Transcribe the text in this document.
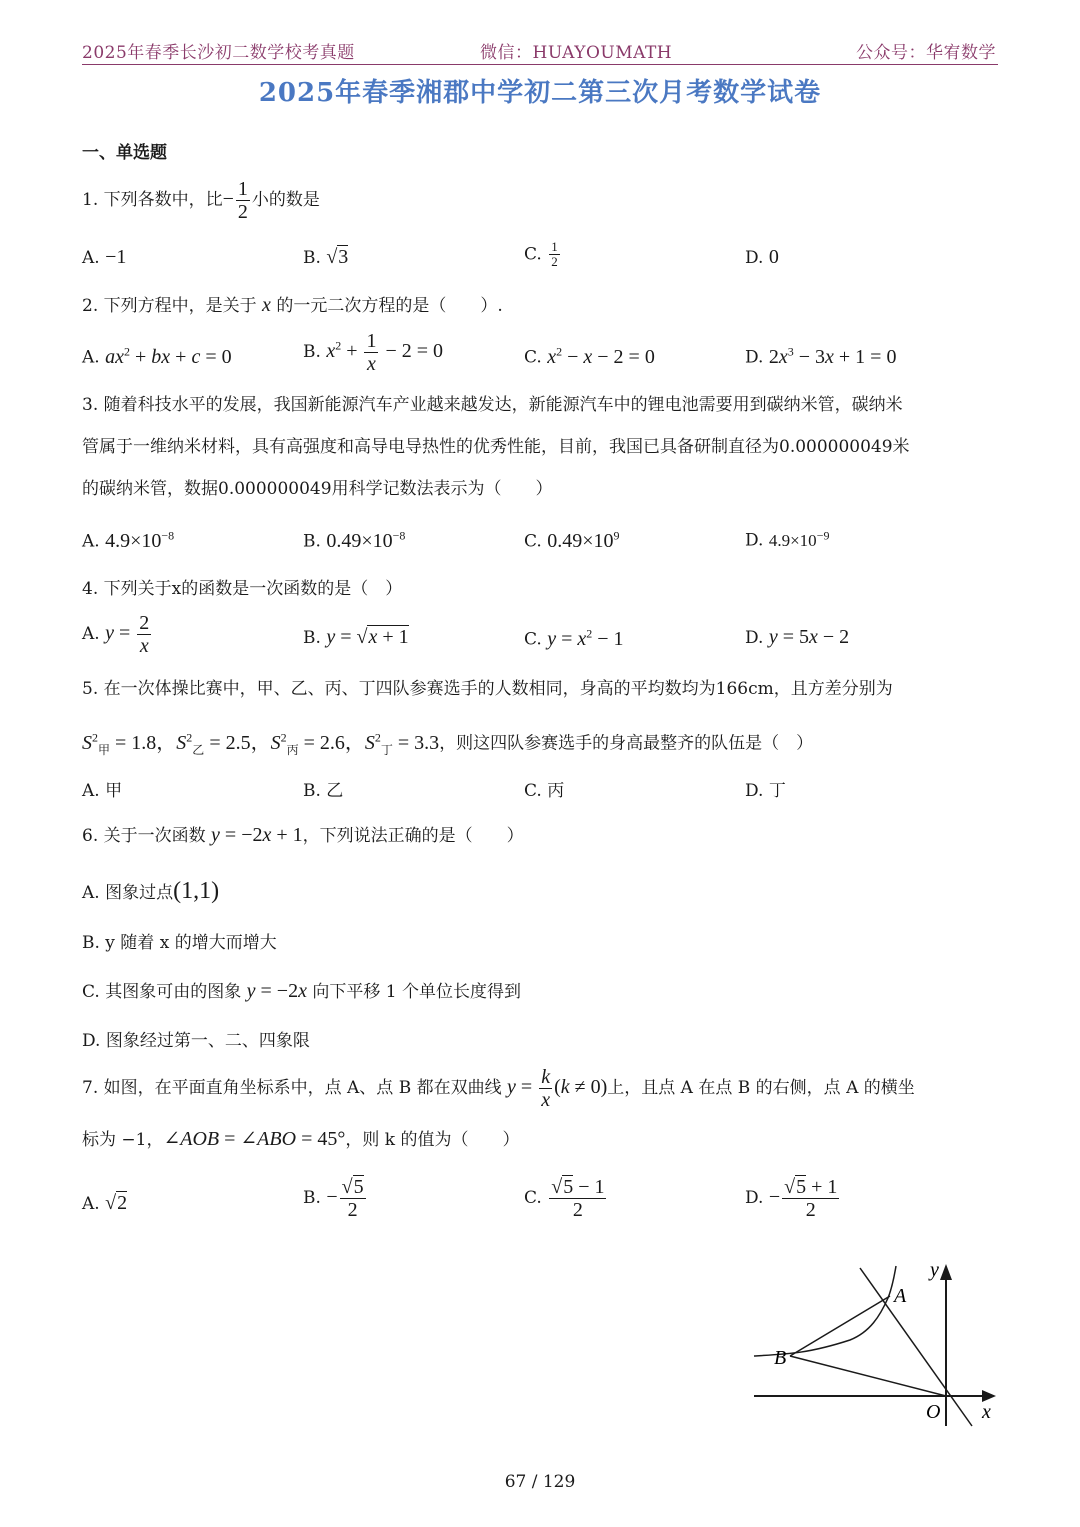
2025年春季长沙初二数学校考真题	微信：HUAYOUMATH	公众号：华宥数学
2025年春季湘郡中学初二第三次月考数学试卷
一、单选题
1. 下列各数中，比− $\frac{1}{2}$ 小的数是
A. −1	B. √3	C. $\frac{1}{2}$	D. 0
2. 下列方程中，是关于 x 的一元二次方程的是（　　）.
A. $ax^2$ + bx + c = 0	B. $x^2 + \frac{1}{x} - 2 = 0$	C. $x^2 - x - 2 = 0$	D. $2x^3 - 3x + 1 = 0$
3. 随着科技水平的发展，我国新能源汽车产业越来越发达，新能源汽车中的锂电池需要用到碳纳米管，碳纳米
管属于一维纳米材料，具有高强度和高导电导热性的优秀性能，目前，我国已具备研制直径为0.000000049米
的碳纳米管，数据0.000000049用科学记数法表示为（　　）
A. $4.9\times 10^{-8}$	B. $0.49\times 10^{-8}$	C. $0.49\times 10^9$	D. $4.9\times 10^{-9}$
4. 下列关于x的函数是一次函数的是（　）
A. $y = \frac{2}{x}$	B. y = √x + 1	C. $y = x^2 - 1$	D. y = 5x − 2
5. 在一次体操比赛中，甲、乙、丙、丁四队参赛选手的人数相同，身高的平均数均为166cm，且方差分别为
$S^2_甲 = 1.8$，$S^2_乙 = 2.5$，$S^2_丙 = 2.6$，$S^2_丁 = 3.3$，则这四队参赛选手的身高最整齐的队伍是（　）
A. 甲	B. 乙	C. 丙	D. 丁
6. 关于一次函数 y = −2x + 1，下列说法正确的是（　　）
A. 图象过点(1,1)
B. y 随着 x 的增大而增大
C. 其图象可由的图象 y = −2x 向下平移 1 个单位长度得到
D. 图象经过第一、二、四象限
7. 如图，在平面直角坐标系中，点 A、点 B 都在双曲线 $y = \frac{k}{x} (k \ne 0)$上，且点 A 在点 B 的右侧，点 A 的横坐
标为 −1，∠AOB = ∠ABO = 45°，则 k 的值为（　　）
A. √2	B. − $\frac{√5}{2}$	C. $\frac{√5 - 1}{2}$	D. − $\frac{√5 + 1}{2}$
y
x
O
A
B
67 / 129
